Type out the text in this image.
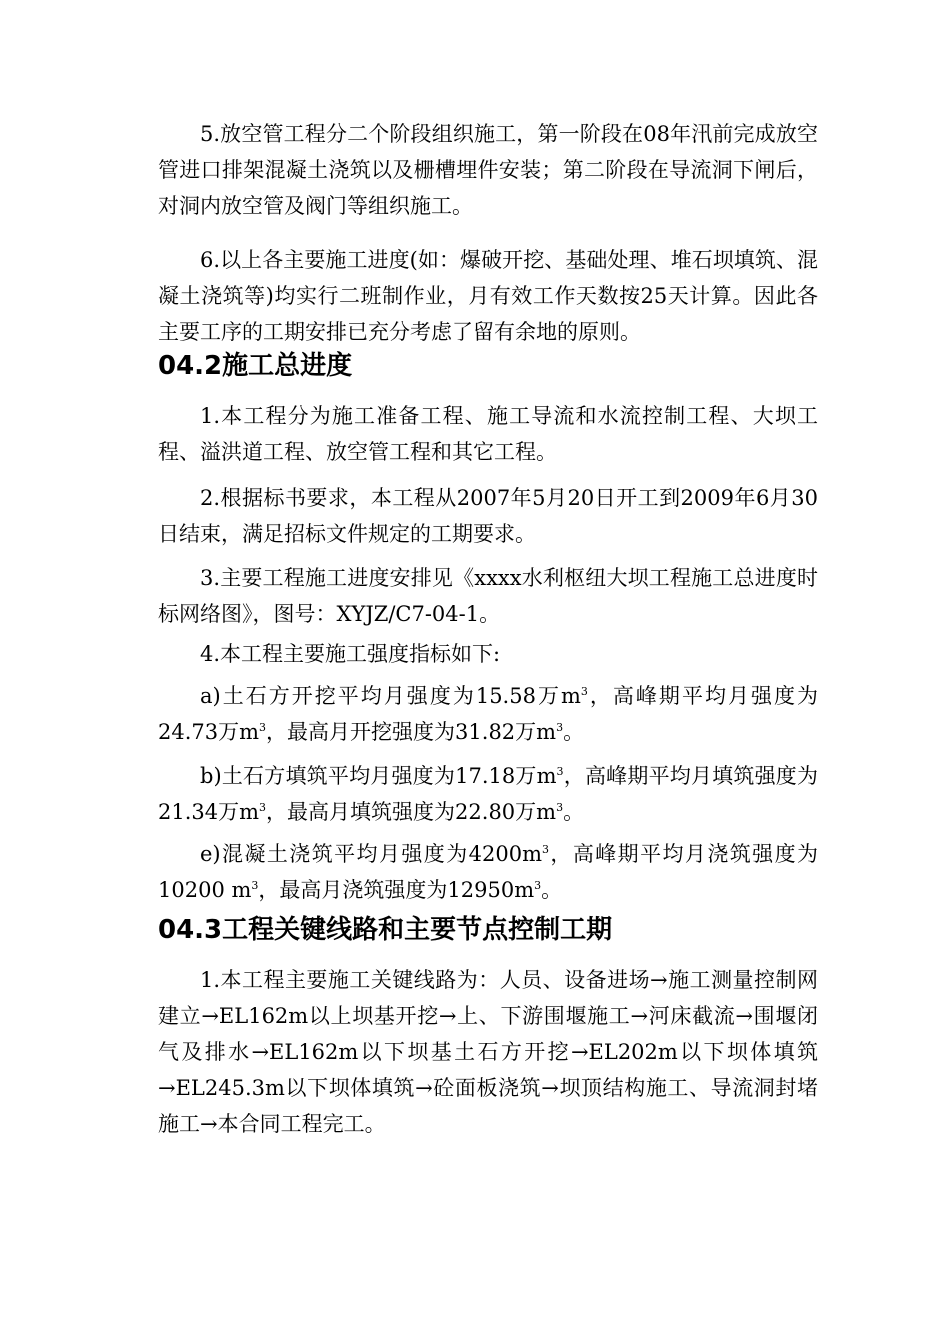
5.放空管工程分二个阶段组织施工，第一阶段在08年汛前完成放空管进口排架混凝土浇筑以及栅槽埋件安装；第二阶段在导流洞下闸后，对洞内放空管及阀门等组织施工。

6.以上各主要施工进度(如：爆破开挖、基础处理、堆石坝填筑、混凝土浇筑等)均实行二班制作业，月有效工作天数按25天计算。因此各主要工序的工期安排已充分考虑了留有余地的原则。

04.2施工总进度

1.本工程分为施工准备工程、施工导流和水流控制工程、大坝工程、溢洪道工程、放空管工程和其它工程。

2.根据标书要求，本工程从2007年5月20日开工到2009年6月30日结束，满足招标文件规定的工期要求。

3.主要工程施工进度安排见《xxxx水利枢纽大坝工程施工总进度时标网络图》，图号：XYJZ/C7-04-1。

4.本工程主要施工强度指标如下:

a)土石方开挖平均月强度为15.58万$m^3$，高峰期平均月强度为24.73万$m^3$，最高月开挖强度为31.82万$m^3$。

b)土石方填筑平均月强度为17.18万$m^3$，高峰期平均月填筑强度为21.34万$m^3$，最高月填筑强度为22.80万$m^3$。

e)混凝土浇筑平均月强度为$4200m^3$，高峰期平均月浇筑强度为10200 $m^3$，最高月浇筑强度为$12950m^3$。

04.3工程关键线路和主要节点控制工期

1.本工程主要施工关键线路为：人员、设备进场→施工测量控制网建立→EL162m以上坝基开挖→上、下游围堰施工→河床截流→围堰闭气及排水→EL162m以下坝基土石方开挖→EL202m以下坝体填筑→EL245.3m以下坝体填筑→砼面板浇筑→坝顶结构施工、导流洞封堵施工→本合同工程完工。
